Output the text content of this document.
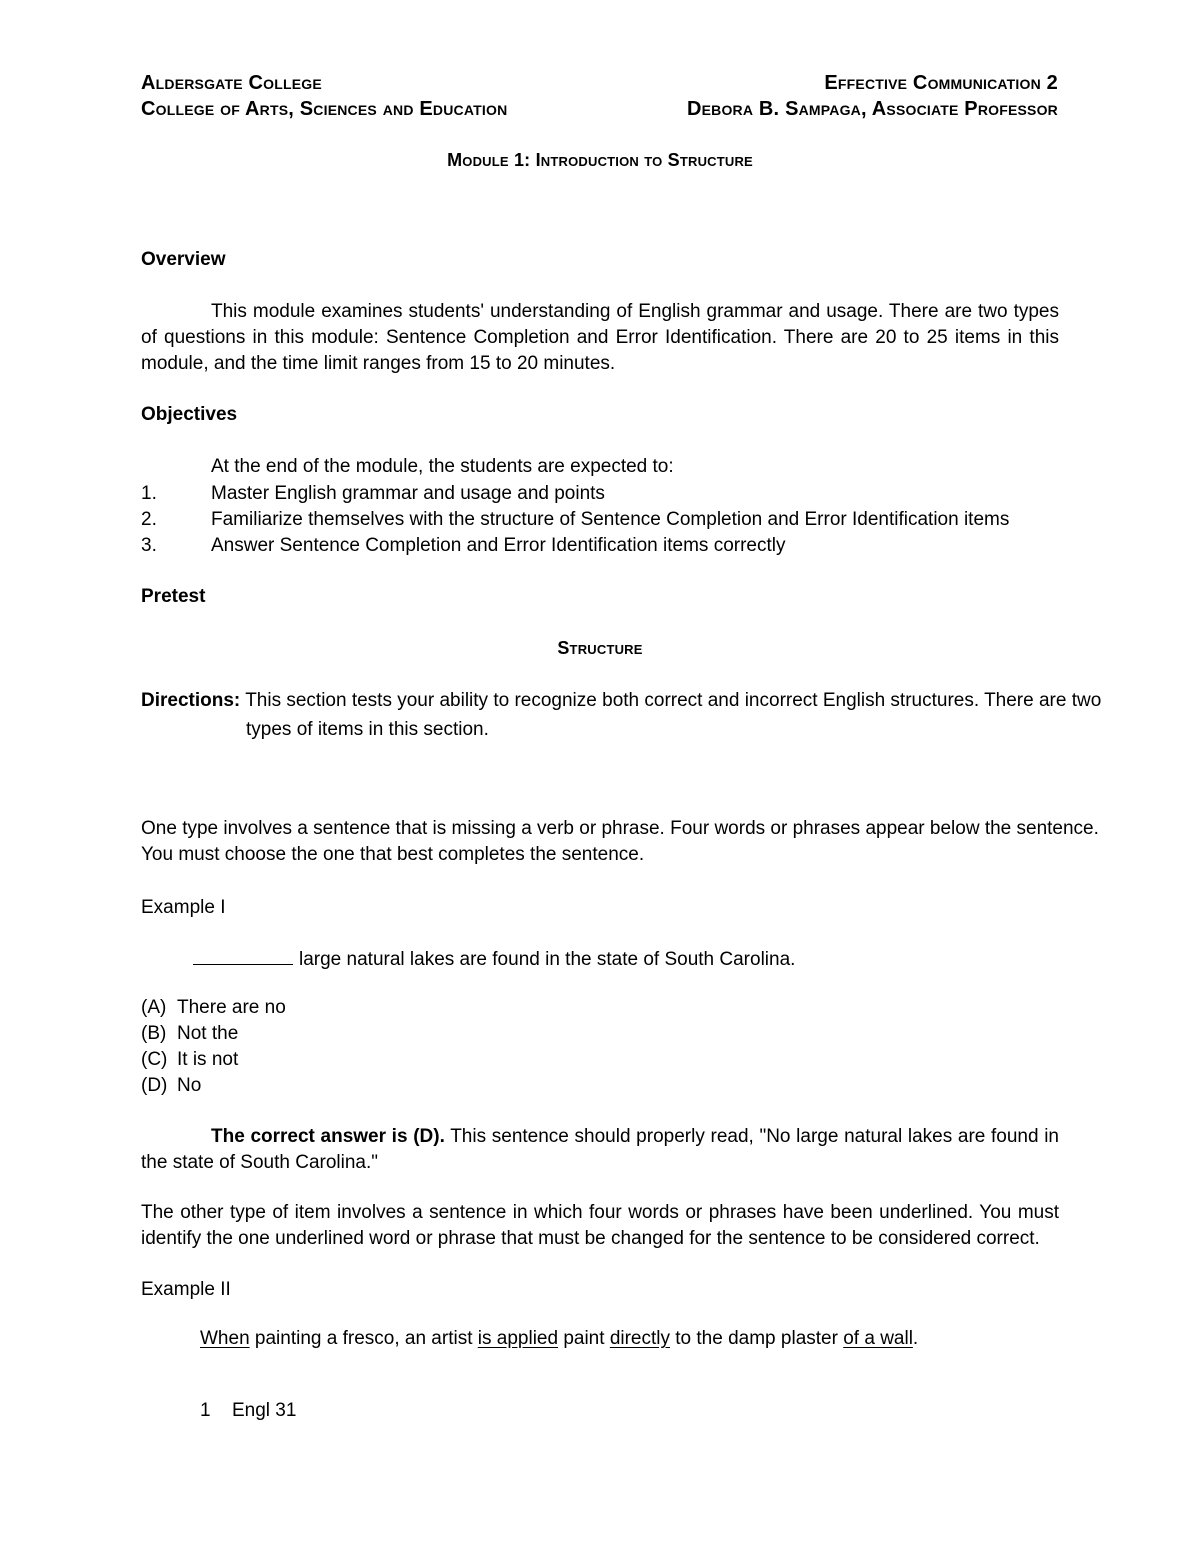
Aldersgate College
College of Arts, Sciences and Education
Effective Communication 2
Debora B. Sampaga, Associate Professor
Module 1: Introduction to Structure
Overview
This module examines students' understanding of English grammar and usage. There are two types of questions in this module: Sentence Completion and Error Identification. There are 20 to 25 items in this module, and the time limit ranges from 15 to 20 minutes.
Objectives
At the end of the module, the students are expected to:
1.	Master English grammar and usage and points
2.	Familiarize themselves with the structure of Sentence Completion and Error Identification items
3.	Answer Sentence Completion and Error Identification items correctly
Pretest
Structure
Directions: This section tests your ability to recognize both correct and incorrect English structures. There are two
types of items in this section.
One type involves a sentence that is missing a verb or phrase. Four words or phrases appear below the sentence.
You must choose the one that best completes the sentence.
Example I
large natural lakes are found in the state of South Carolina.
(A) There are no
(B) Not the
(C) It is not
(D) No
The correct answer is (D). This sentence should properly read, "No large natural lakes are found in the state of South Carolina."
The other type of item involves a sentence in which four words or phrases have been underlined. You must identify the one underlined word or phrase that must be changed for the sentence to be considered correct.
Example II
When painting a fresco, an artist is applied paint directly to the damp plaster of a wall.
1 Engl 31
